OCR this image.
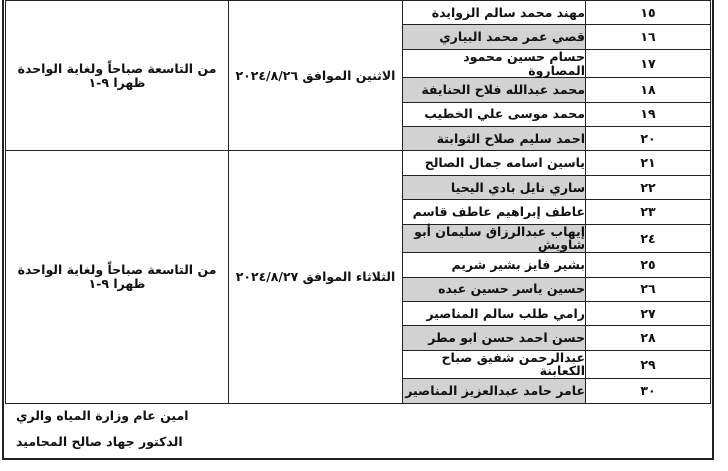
١٥	مهند محمد سالم الزوايدة	الاثنين الموافق ٢٠٢٤/٨/٢٦	من التاسعة صباحاً ولغاية الواحدة
ظهرا ٩-١

١٦	قصي عمر محمد البياري		
١٧	حسام حسين محمود المصاروة		
١٨	محمد عبدالله فلاح الحنايفة		
١٩	محمد موسى علي الخطيب		
٢٠	احمد سليم صلاح الثوابتة		
٢١	ياسين اسامه جمال الصالح	الثلاثاء الموافق ٢٠٢٤/٨/٢٧	من التاسعة صباحاً ولغاية الواحدة
ظهرا ٩-١

٢٢	ساري نايل بادي اليحيا		
٢٣	عاطف إبراهيم عاطف قاسم		
٢٤	إيهاب عبدالرزاق سليمان أبو شاويش		
٢٥	بشير فايز بشير شريم		
٢٦	حسين ياسر حسين عبده		
٢٧	رامي طلب سالم المناصير		
٢٨	حسن احمد حسن ابو مطر		
٢٩	عبدالرحمن شفيق صباح الكعابنة		
٣٠	عامر حامد عبدالعزيز المناصير		
امين عام وزارة المياه والري
الدكتور جهاد صالح المحاميد
